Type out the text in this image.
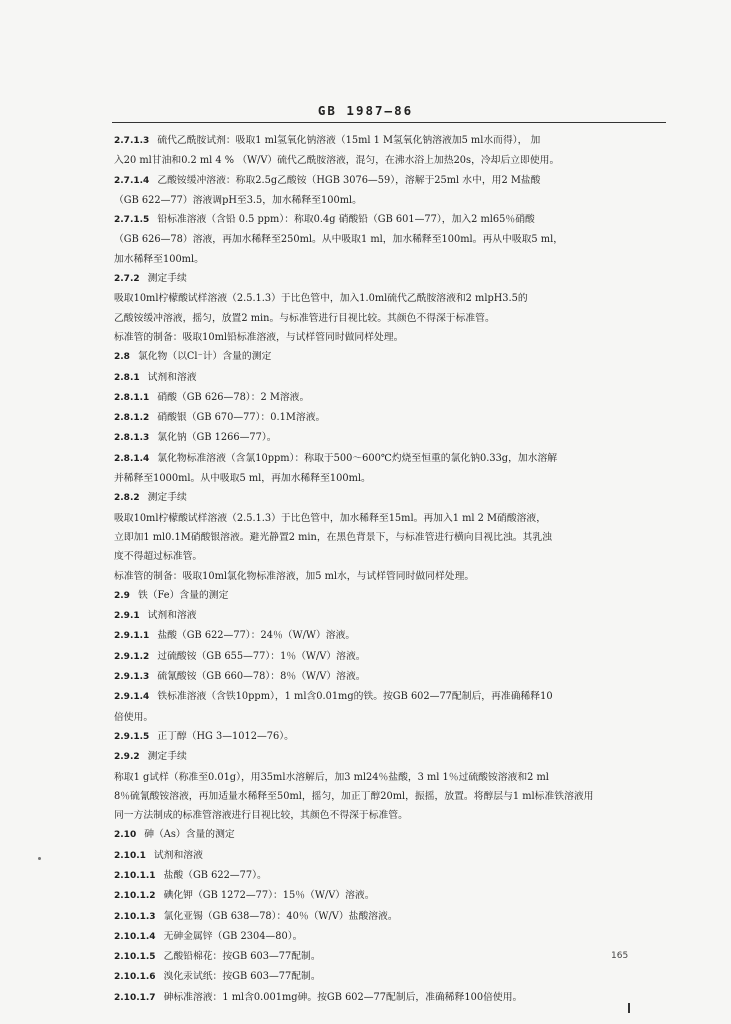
GB 1987—86
2.7.1.3 硫代乙酰胺试剂：吸取1 ml氢氧化钠溶液（15ml 1 M氢氧化钠溶液加5 ml水而得）， 加
入20 ml甘油和0.2 ml 4 % （W/V）硫代乙酰胺溶液，混匀，在沸水浴上加热20s，冷却后立即使用。
2.7.1.4 乙酸铵缓冲溶液：称取2.5g乙酸铵（HGB 3076—59），溶解于25ml 水中，用2 M盐酸
（GB 622—77）溶液调pH至3.5，加水稀释至100ml。
2.7.1.5 铅标准溶液（含铅 0.5 ppm）：称取0.4g 硝酸铅（GB 601—77），加入2 ml65％硝酸
（GB 626—78）溶液，再加水稀释至250ml。从中吸取1 ml，加水稀释至100ml。再从中吸取5 ml，
加水稀释至100ml。
2.7.2 测定手续
吸取10ml柠檬酸试样溶液（2.5.1.3）于比色管中，加入1.0ml硫代乙酰胺溶液和2 mlpH3.5的
乙酸铵缓冲溶液，摇匀，放置2 min。与标准管进行目视比较。其颜色不得深于标准管。
标准管的制备：吸取10ml铅标准溶液，与试样管同时做同样处理。
2.8 氯化物（以Cl⁻计）含量的测定
2.8.1 试剂和溶液
2.8.1.1 硝酸（GB 626—78）：2 M溶液。
2.8.1.2 硝酸银（GB 670—77）：0.1M溶液。
2.8.1.3 氯化钠（GB 1266—77）。
2.8.1.4 氯化物标准溶液（含氯10ppm）：称取于500～600℃灼烧至恒重的氯化钠0.33g，加水溶解
并稀释至1000ml。从中吸取5 ml，再加水稀释至100ml。
2.8.2 测定手续
吸取10ml柠檬酸试样溶液（2.5.1.3）于比色管中，加水稀释至15ml。再加入1 ml 2 M硝酸溶液，
立即加1 ml0.1M硝酸银溶液。避光静置2 min，在黑色背景下，与标准管进行横向目视比浊。其乳浊
度不得超过标准管。
标准管的制备：吸取10ml氯化物标准溶液，加5 ml水，与试样管同时做同样处理。
2.9 铁（Fe）含量的测定
2.9.1 试剂和溶液
2.9.1.1 盐酸（GB 622—77）：24％（W/W）溶液。
2.9.1.2 过硫酸铵（GB 655—77）：1％（W/V）溶液。
2.9.1.3 硫氰酸铵（GB 660—78）：8％（W/V）溶液。
2.9.1.4 铁标准溶液（含铁10ppm），1 ml含0.01mg的铁。按GB 602—77配制后，再准确稀释10
倍使用。
2.9.1.5 正丁醇（HG 3—1012—76）。
2.9.2 测定手续
称取1 g试样（称准至0.01g），用35ml水溶解后，加3 ml24％盐酸，3 ml 1％过硫酸铵溶液和2 ml
8％硫氰酸铵溶液，再加适量水稀释至50ml，摇匀，加正丁醇20ml，振摇，放置。将醇层与1 ml标准铁溶液用
同一方法制成的标准管溶液进行目视比较，其颜色不得深于标准管。
2.10 砷（As）含量的测定
2.10.1 试剂和溶液
2.10.1.1 盐酸（GB 622—77）。
2.10.1.2 碘化钾（GB 1272—77）：15％（W/V）溶液。
2.10.1.3 氯化亚锡（GB 638—78）：40％（W/V）盐酸溶液。
2.10.1.4 无砷金属锌（GB 2304—80）。
2.10.1.5 乙酸铅棉花：按GB 603—77配制。
2.10.1.6 溴化汞试纸：按GB 603—77配制。
2.10.1.7 砷标准溶液：1 ml含0.001mg砷。按GB 602—77配制后，准确稀释100倍使用。
165
